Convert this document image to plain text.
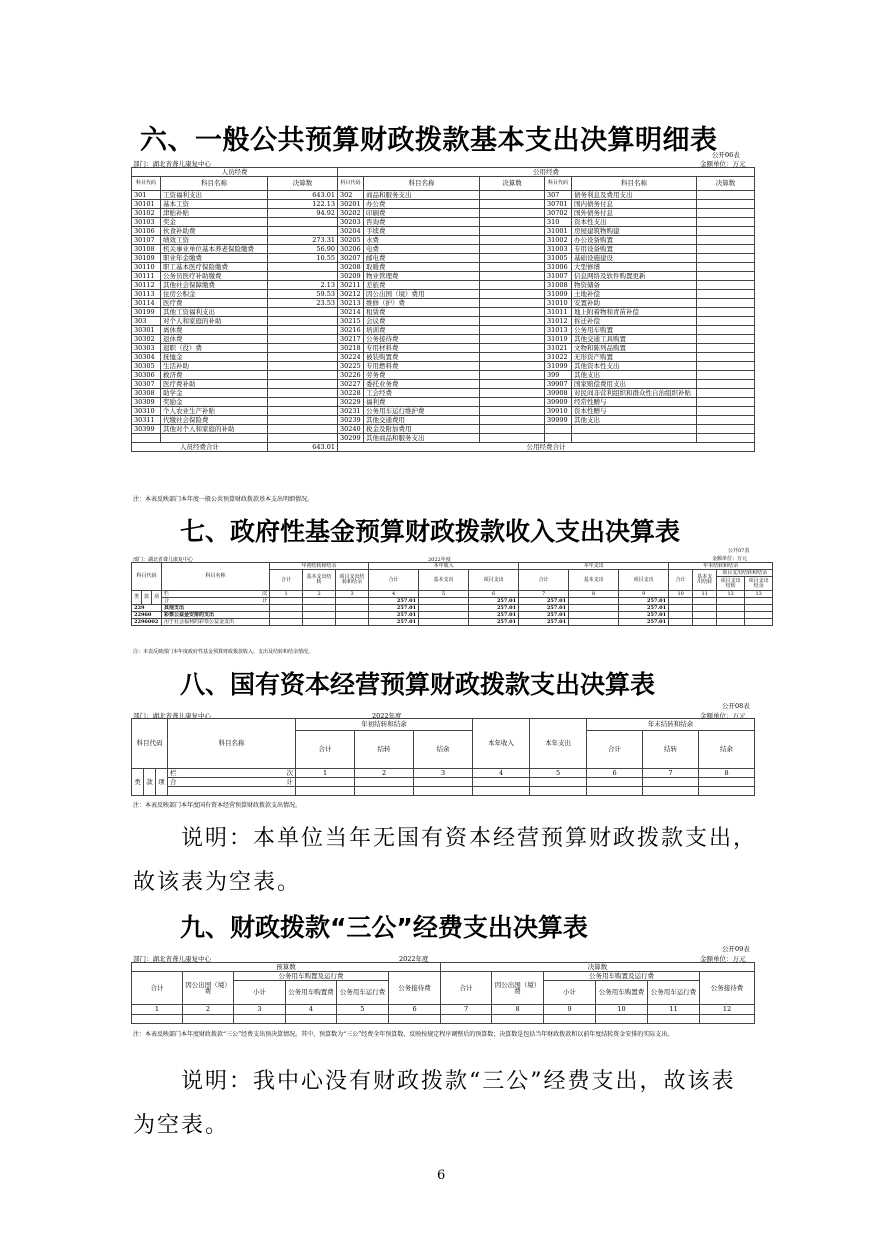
六、一般公共预算财政拨款基本支出决算明细表
公开06表
部门：湖北省聋儿康复中心	金额单位：万元
人员经费			公用经费					
科目代码	科目名称	决算数	科目代码	科目名称	决算数	科目代码	科目名称	决算数
301	工资福利支出	643.01	302	商品和服务支出		307	债务利息及费用支出	
30101	基本工资	122.13	30201	办公费		30701	国内债务付息	
30102	津贴补贴	94.92	30202	印刷费		30702	国外债务付息	
30103	奖金		30203	咨询费		310	资本性支出	
30106	伙食补助费		30204	手续费		31001	房屋建筑物购建	
30107	绩效工资	273.31	30205	水费		31002	办公设备购置	
30108	机关事业单位基本养老保险缴费	56.90	30206	电费		31003	专用设备购置	
30109	职业年金缴费	10.55	30207	邮电费		31005	基础设施建设	
30110	职工基本医疗保险缴费		30208	取暖费		31006	大型修缮	
30111	公务员医疗补助缴费		30209	物业管理费		31007	信息网络及软件购置更新	
30112	其他社会保障缴费	2.13	30211	差旅费		31008	物资储备	
30113	住房公积金	59.53	30212	因公出国（境）费用		31009	土地补偿	
30114	医疗费	23.53	30213	维修（护）费		31010	安置补助	
30199	其他工资福利支出		30214	租赁费		31011	地上附着物和青苗补偿	
303	对个人和家庭的补助		30215	会议费		31012	拆迁补偿	
30301	离休费		30216	培训费		31013	公务用车购置	
30302	退休费		30217	公务接待费		31019	其他交通工具购置	
30303	退职（役）费		30218	专用材料费		31021	文物和陈列品购置	
30304	抚恤金		30224	被装购置费		31022	无形资产购置	
30305	生活补助		30225	专用燃料费		31099	其他资本性支出	
30306	救济费		30226	劳务费		399	其他支出	
30307	医疗费补助		30227	委托业务费		39907	国家赔偿费用支出	
30308	助学金		30228	工会经费		39908	对民间非营利组织和群众性自治组织补贴	
30309	奖励金		30229	福利费		39909	经常性赠与	
30310	个人农业生产补贴		30231	公务用车运行维护费		39910	资本性赠与	
30311	代缴社会保险费		30239	其他交通费用		39999	其他支出	
30399	其他对个人和家庭的补助		30240	税金及附加费用				
			30299	其他商品和服务支出				
人员经费合计		643.01	公用经费合计					
注：本表反映部门本年度一般公共预算财政拨款基本支出明细情况。
七、政府性基金预算财政拨款收入支出决算表
公开07表
部门：湖北省聋儿康复中心	2022年度	金额单位：万元
科目代码			科目名称	年初结转和结余			本年收入			本年支出			年末结转和结余			
				合计	基本支出结转	项目支出结转和结余	合计	基本支出	项目支出	合计	基本支出	项目支出	合计	基本支出结转	项目支出结转和结余	
															项目支出结转	项目支出结余
类	款	项	栏 次	1	2	3	4	5	6	7	8	9	10	11	12	13
			合 计				257.01		257.01	257.01		257.01				
229			其他支出				257.01		257.01	257.01		257.01				
22960			彩票公益金安排的支出				257.01		257.01	257.01		257.01				
2296002			用于社会福利的彩票公益金支出				257.01		257.01	257.01		257.01				
注：本表反映部门本年度政府性基金预算财政拨款收入、支出及结转和结余情况。
八、国有资本经营预算财政拨款支出决算表
公开08表
部门：湖北省聋儿康复中心	2022年度	金额单位：万元
科目代码			科目名称	年初结转和结余			本年收入	本年支出	年末结转和结余		
				合计	结转	结余			合计	结转	结余
类	款	项	栏 次	1	2	3	4	5	6	7	8
			合 计								

注：本表反映部门本年度国有资本经营预算财政拨款支出情况。
说明：本单位当年无国有资本经营预算财政拨款支出，
故该表为空表。
九、财政拨款“三公”经费支出决算表
公开09表
部门：湖北省聋儿康复中心	2022年度	金额单位：万元
预算数						决算数					
合计	因公出国（境）费	公务用车购置及运行费			公务接待费	合计	因公出国（境）费	公务用车购置及运行费			公务接待费
		小计	公务用车购置费	公务用车运行费				小计	公务用车购置费	公务用车运行费	
1	2	3	4	5	6	7	8	9	10	11	12

注：本表反映部门本年度财政拨款“三公”经费支出预决算情况。其中，预算数为“三公”经费全年预算数，反映按规定程序调整后的预算数；决算数是包括当年财政拨款和以前年度结转资金安排的实际支出。
说明：我中心没有财政拨款“三公”经费支出，故该表
为空表。
6
